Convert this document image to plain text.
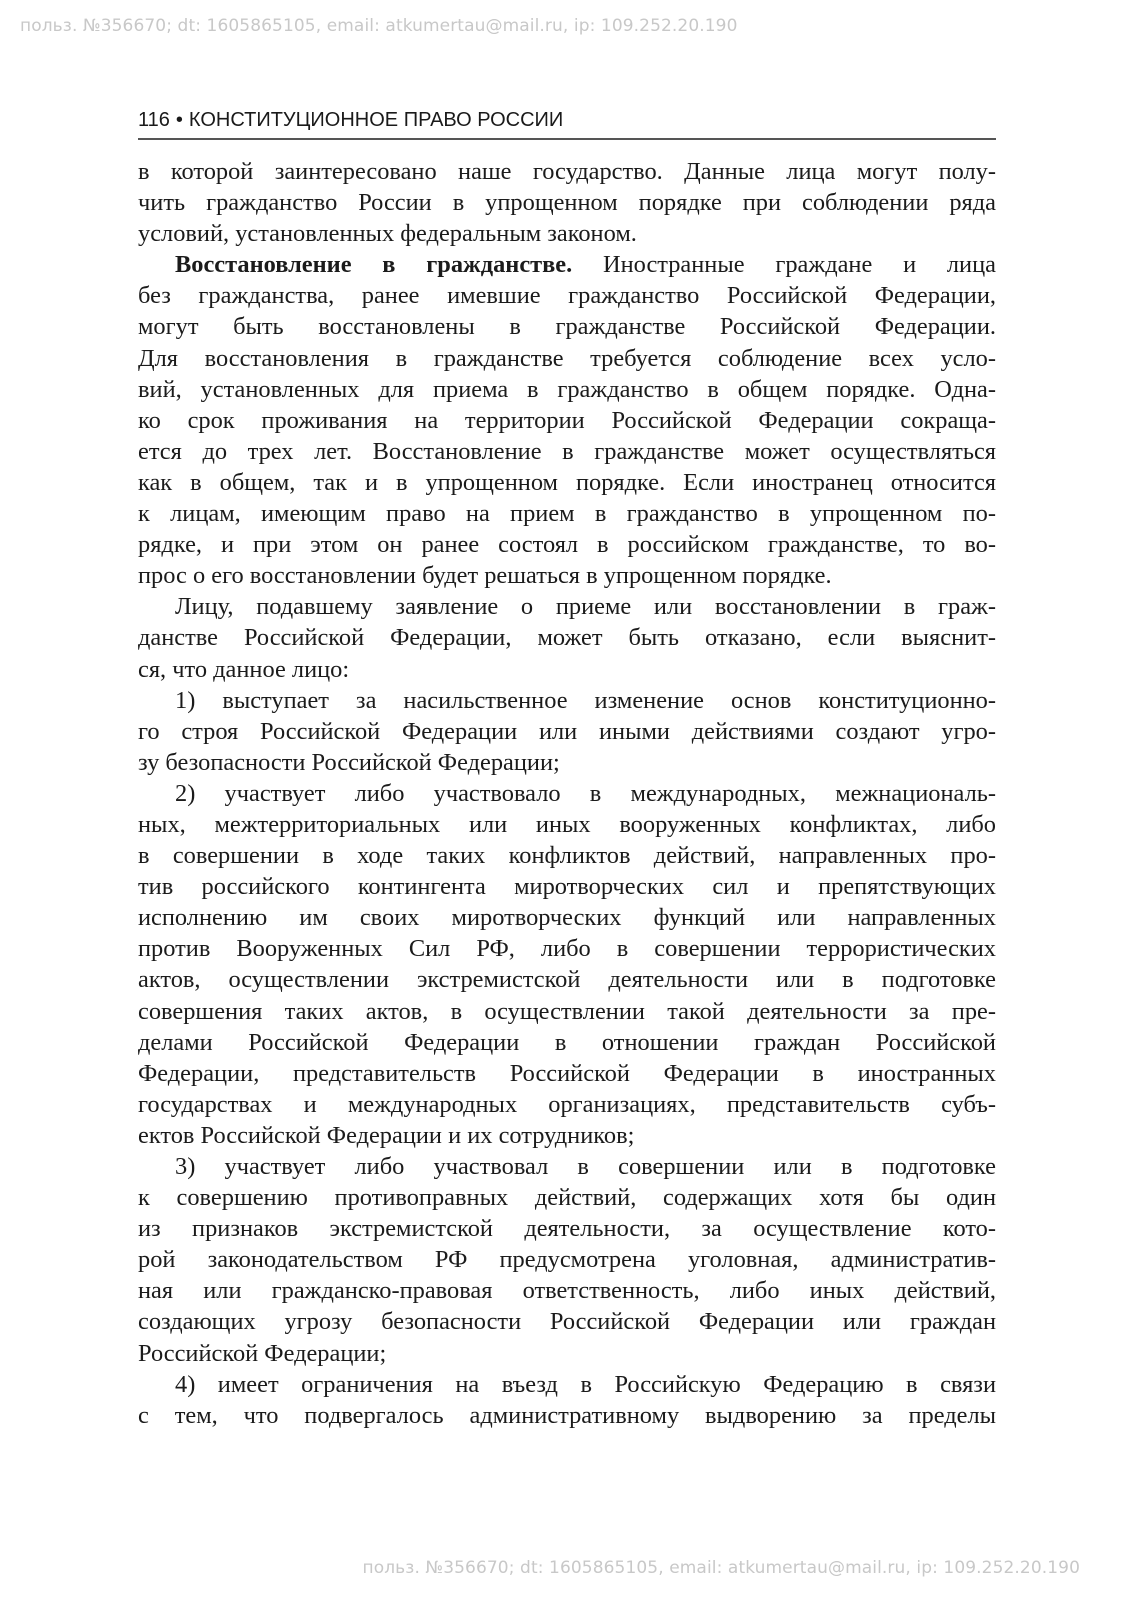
польз. №356670; dt: 1605865105, email: atkumertau@mail.ru, ip: 109.252.20.190
116 • КОНСТИТУЦИОННОЕ ПРАВО РОССИИ
в которой заинтересовано наше государство. Данные лица могут полу-
чить гражданство России в упрощенном порядке при соблюдении ряда
условий, установленных федеральным законом.
Восстановление в гражданстве. Иностранные граждане и лица
без гражданства, ранее имевшие гражданство Российской Федерации,
могут быть восстановлены в гражданстве Российской Федерации.
Для восстановления в гражданстве требуется соблюдение всех усло-
вий, установленных для приема в гражданство в общем порядке. Одна-
ко срок проживания на территории Российской Федерации сокраща-
ется до трех лет. Восстановление в гражданстве может осуществляться
как в общем, так и в упрощенном порядке. Если иностранец относится
к лицам, имеющим право на прием в гражданство в упрощенном по-
рядке, и при этом он ранее состоял в российском гражданстве, то во-
прос о его восстановлении будет решаться в упрощенном порядке.
Лицу, подавшему заявление о приеме или восстановлении в граж-
данстве Российской Федерации, может быть отказано, если выяснит-
ся, что данное лицо:
1) выступает за насильственное изменение основ конституционно-
го строя Российской Федерации или иными действиями создают угро-
зу безопасности Российской Федерации;
2) участвует либо участвовало в международных, межнациональ-
ных, межтерриториальных или иных вооруженных конфликтах, либо
в совершении в ходе таких конфликтов действий, направленных про-
тив российского контингента миротворческих сил и препятствующих
исполнению им своих миротворческих функций или направленных
против Вооруженных Сил РФ, либо в совершении террористических
актов, осуществлении экстремистской деятельности или в подготовке
совершения таких актов, в осуществлении такой деятельности за пре-
делами Российской Федерации в отношении граждан Российской
Федерации, представительств Российской Федерации в иностранных
государствах и международных организациях, представительств субъ-
ектов Российской Федерации и их сотрудников;
3) участвует либо участвовал в совершении или в подготовке
к совершению противоправных действий, содержащих хотя бы один
из признаков экстремистской деятельности, за осуществление кото-
рой законодательством РФ предусмотрена уголовная, административ-
ная или гражданско-правовая ответственность, либо иных действий,
создающих угрозу безопасности Российской Федерации или граждан
Российской Федерации;
4) имеет ограничения на въезд в Российскую Федерацию в связи
с тем, что подвергалось административному выдворению за пределы
польз. №356670; dt: 1605865105, email: atkumertau@mail.ru, ip: 109.252.20.190
